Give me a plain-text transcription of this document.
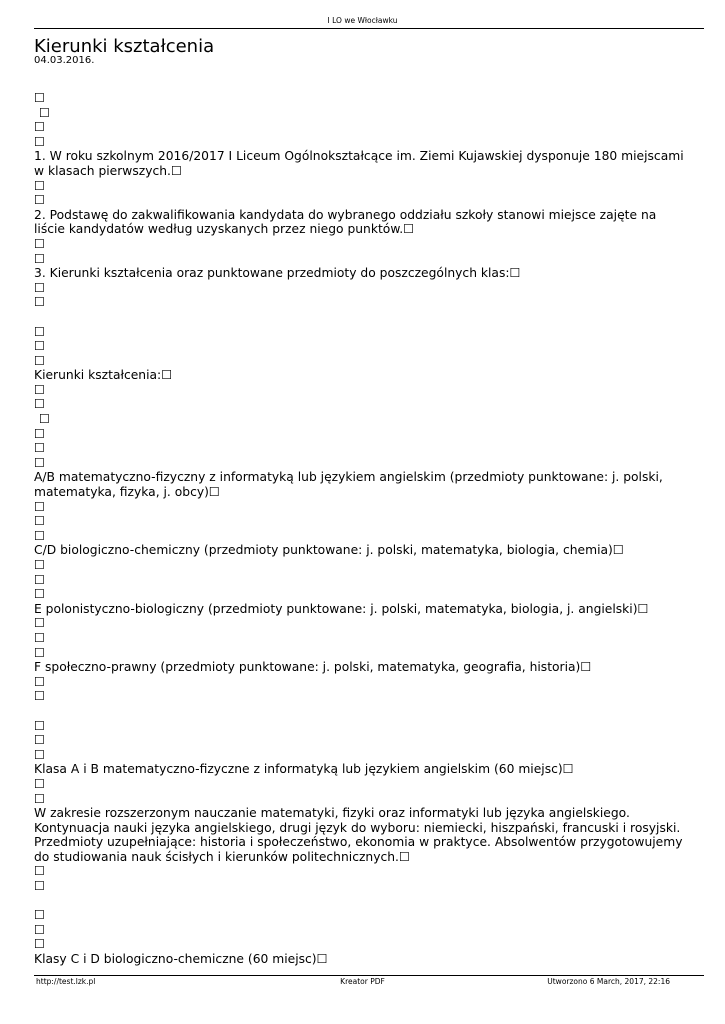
I LO we Włocławku
Kierunki kształcenia
04.03.2016.
☐
☐
☐
☐
1. W roku szkolnym 2016/2017 I Liceum Ogólnokształcące im. Ziemi Kujawskiej dysponuje 180 miejscami w klasach pierwszych.☐
☐
☐
2. Podstawę do zakwalifikowania kandydata do wybranego oddziału szkoły stanowi miejsce zajęte na liście kandydatów według uzyskanych przez niego punktów.☐
☐
☐
3. Kierunki kształcenia oraz punktowane przedmioty do poszczególnych klas:☐
☐
☐
☐
☐
☐
Kierunki kształcenia:☐
☐
☐
☐
☐
☐
☐
A/B matematyczno-fizyczny z informatyką lub językiem angielskim (przedmioty punktowane: j. polski, matematyka, fizyka, j. obcy)☐
☐
☐
☐
C/D biologiczno-chemiczny (przedmioty punktowane: j. polski, matematyka, biologia, chemia)☐
☐
☐
☐
E polonistyczno-biologiczny (przedmioty punktowane: j. polski, matematyka, biologia, j. angielski)☐
☐
☐
☐
F społeczno-prawny (przedmioty punktowane: j. polski, matematyka, geografia, historia)☐
☐
☐
☐
☐
☐
Klasa A i B matematyczno-fizyczne z informatyką lub językiem angielskim (60 miejsc)☐
☐
☐
W zakresie rozszerzonym nauczanie matematyki, fizyki oraz informatyki lub języka angielskiego. Kontynuacja nauki języka angielskiego, drugi język do wyboru: niemiecki, hiszpański, francuski i rosyjski. Przedmioty uzupełniające: historia i społeczeństwo, ekonomia w praktyce. Absolwentów przygotowujemy do studiowania nauk ścisłych i kierunków politechnicznych.☐
☐
☐
☐
☐
☐
Klasy C i D biologiczno-chemiczne (60 miejsc)☐
http://test.lzk.pl	Kreator PDF	Utworzono 6 March, 2017, 22:16
